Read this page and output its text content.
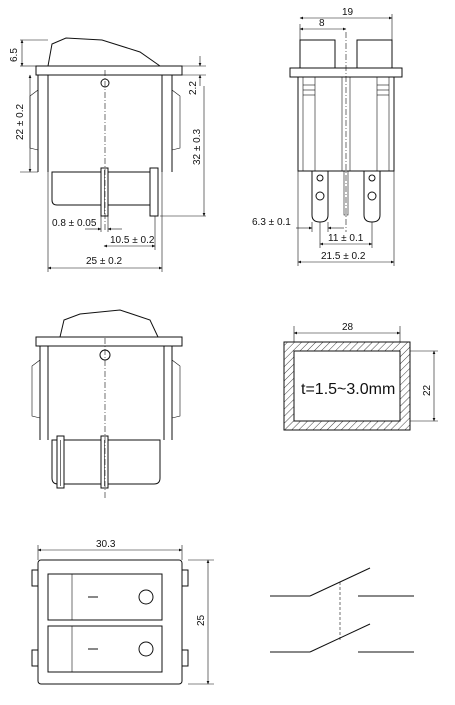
6.5
22 ± 0.2
2.2
32 ± 0.3
0.8 ± 0.05
10.5 ± 0.2
25 ± 0.2
8
19
6.3 ± 0.1
11 ± 0.1
21.5 ± 0.2
t=1.5~3.0mm
28
22
30.3
25
